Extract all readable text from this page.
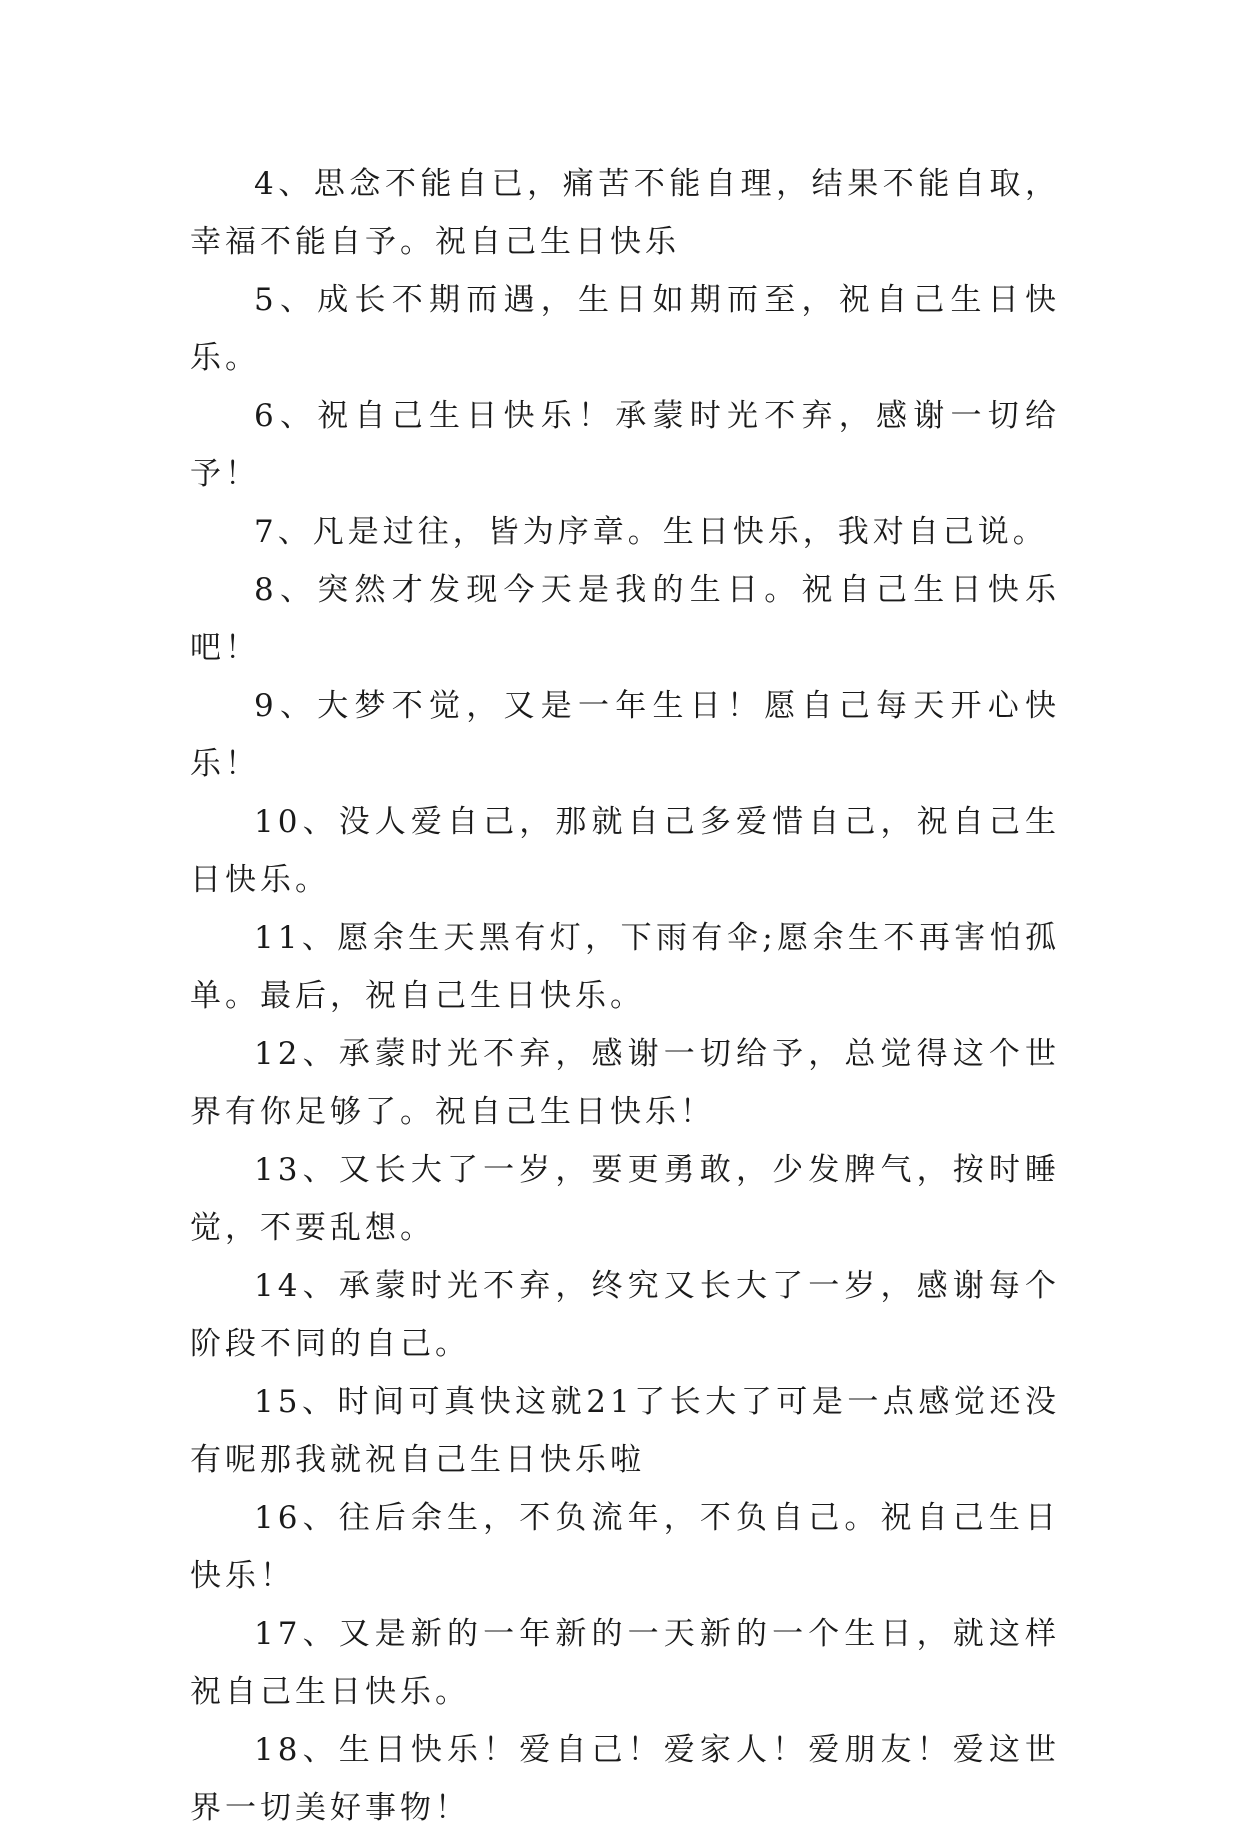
4、思念不能自已，痛苦不能自理，结果不能自取，幸福不能自予。祝自己生日快乐

5、成长不期而遇，生日如期而至，祝自己生日快乐。

6、祝自己生日快乐！承蒙时光不弃，感谢一切给予！

7、凡是过往，皆为序章。生日快乐，我对自己说。

8、突然才发现今天是我的生日。祝自己生日快乐吧！

9、大梦不觉，又是一年生日！愿自己每天开心快乐！

10、没人爱自己，那就自己多爱惜自己，祝自己生日快乐。

11、愿余生天黑有灯，下雨有伞;愿余生不再害怕孤单。最后，祝自己生日快乐。

12、承蒙时光不弃，感谢一切给予，总觉得这个世界有你足够了。祝自己生日快乐！

13、又长大了一岁，要更勇敢，少发脾气，按时睡觉，不要乱想。

14、承蒙时光不弃，终究又长大了一岁，感谢每个阶段不同的自己。

15、时间可真快这就21了长大了可是一点感觉还没有呢那我就祝自己生日快乐啦

16、往后余生，不负流年，不负自己。祝自己生日快乐！

17、又是新的一年新的一天新的一个生日，就这样祝自己生日快乐。

18、生日快乐！爱自己！爱家人！爱朋友！爱这世界一切美好事物！
